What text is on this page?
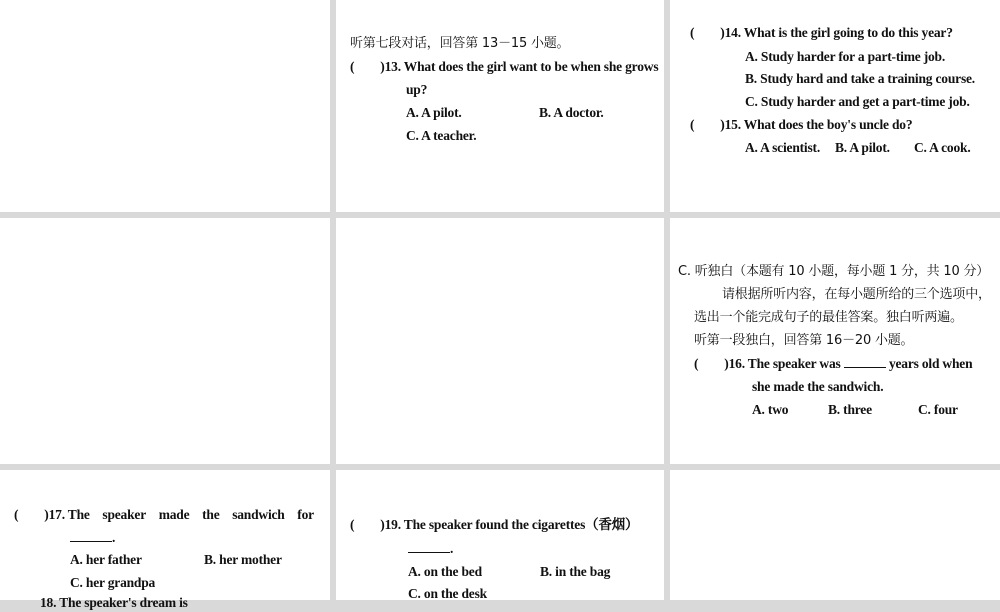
听第七段对话，回答第 13－15 小题。
( )13. What does the girl want to be when she grows
up?
A. A pilot.	B. A doctor.
C. A teacher.
( )14. What is the girl going to do this year?
A. Study harder for a part-time job.
B. Study hard and take a training course.
C. Study harder and get a part-time job.
( )15. What does the boy's uncle do?
A. A scientist. B. A pilot. C. A cook.
C. 听独白（本题有 10 小题，每小题 1 分，共 10 分）
请根据所听内容，在每小题所给的三个选项中，
选出一个能完成句子的最佳答案。独白听两遍。
听第一段独白，回答第 16－20 小题。
( )16. The speaker was	years old when
she made the sandwich.
A. two	B. three	C. four
( )17. The speaker made the sandwich for
.
A. her father	B. her mother
C. her grandpa
18. The speaker's dream is
( )19. The speaker found the cigarettes（香烟）
.
A. on the bed	B. in the bag
C. on the desk
